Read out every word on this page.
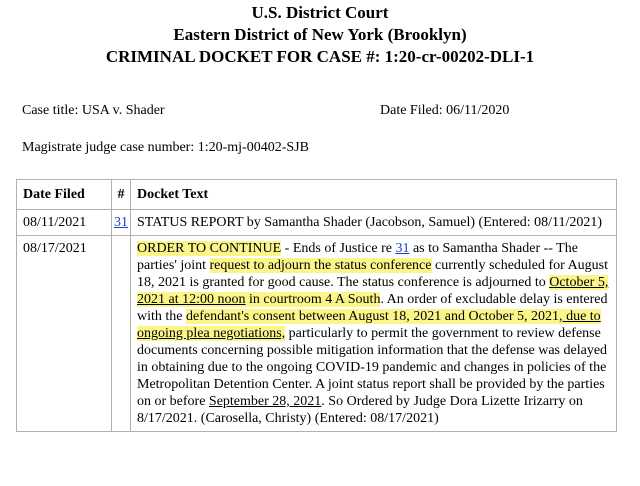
U.S. District Court
Eastern District of New York (Brooklyn)
CRIMINAL DOCKET FOR CASE #: 1:20-cr-00202-DLI-1
Case title: USA v. Shader	Date Filed: 06/11/2020
Magistrate judge case number: 1:20-mj-00402-SJB
Date Filed	#	Docket Text
08/11/2021	31	STATUS REPORT by Samantha Shader (Jacobson, Samuel) (Entered: 08/11/2021)
08/17/2021		ORDER TO CONTINUE - Ends of Justice re 31 as to Samantha Shader -- The parties' joint request to adjourn the status conference currently scheduled for August 18, 2021 is granted for good cause. The status conference is adjourned to October 5, 2021 at 12:00 noon in courtroom 4 A South. An order of excludable delay is entered with the defendant's consent between August 18, 2021 and October 5, 2021, due to ongoing plea negotiations, particularly to permit the government to review defense documents concerning possible mitigation information that the defense was delayed in obtaining due to the ongoing COVID-19 pandemic and changes in policies of the Metropolitan Detention Center. A joint status report shall be provided by the parties on or before September 28, 2021. So Ordered by Judge Dora Lizette Irizarry on 8/17/2021. (Carosella, Christy) (Entered: 08/17/2021)
